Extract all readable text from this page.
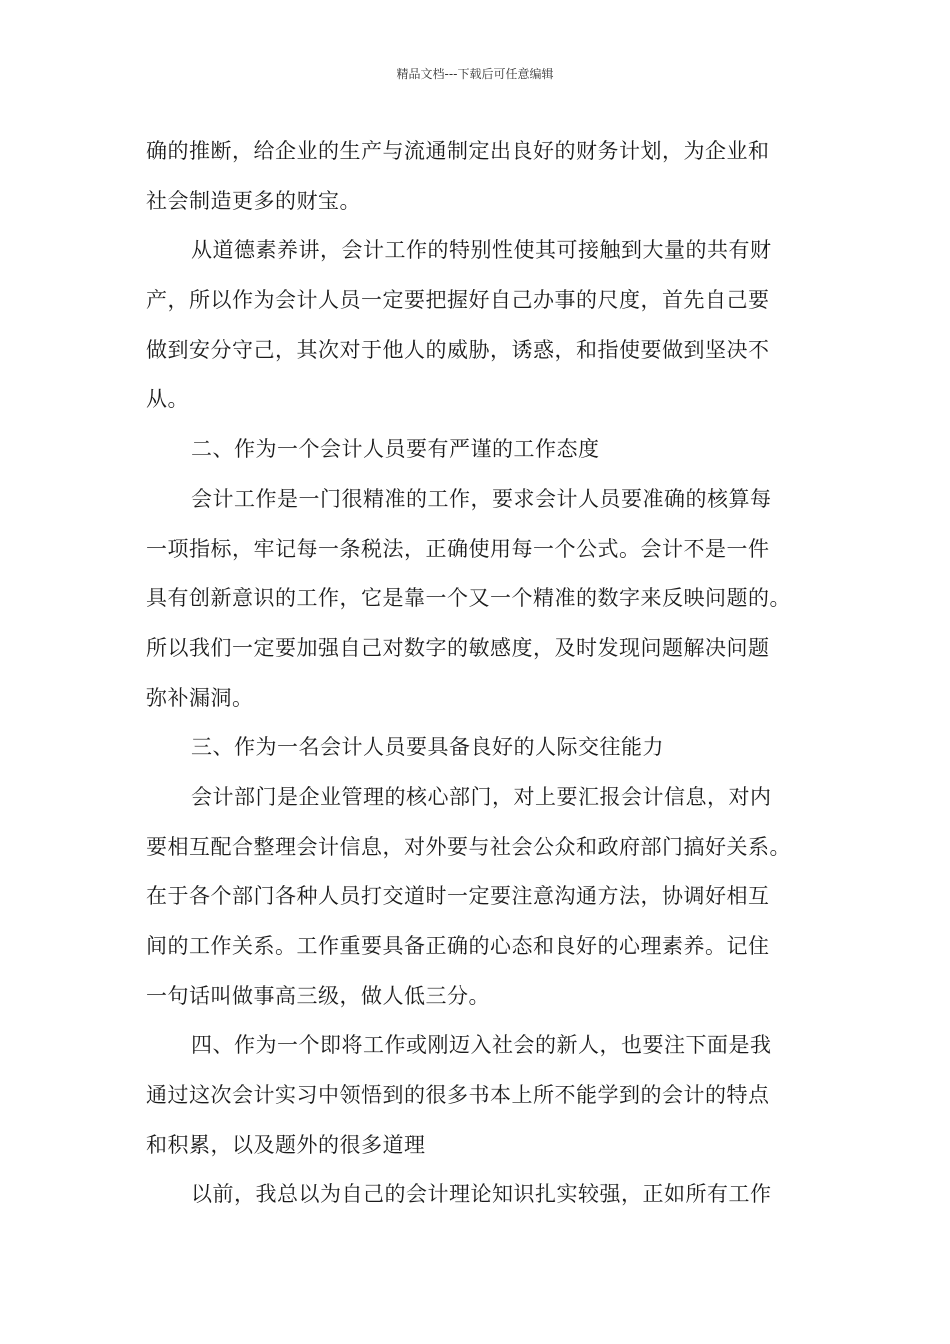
精品文档---下载后可任意编辑
确的推断，给企业的生产与流通制定出良好的财务计划，为企业和
社会制造更多的财宝。
从道德素养讲，会计工作的特别性使其可接触到大量的共有财
产，所以作为会计人员一定要把握好自己办事的尺度，首先自己要
做到安分守己，其次对于他人的威胁，诱惑，和指使要做到坚决不
从。
二、作为一个会计人员要有严谨的工作态度
会计工作是一门很精准的工作，要求会计人员要准确的核算每
一项指标，牢记每一条税法，正确使用每一个公式。会计不是一件
具有创新意识的工作，它是靠一个又一个精准的数字来反映问题的。
所以我们一定要加强自己对数字的敏感度，及时发现问题解决问题
弥补漏洞。
三、作为一名会计人员要具备良好的人际交往能力
会计部门是企业管理的核心部门，对上要汇报会计信息，对内
要相互配合整理会计信息，对外要与社会公众和政府部门搞好关系。
在于各个部门各种人员打交道时一定要注意沟通方法，协调好相互
间的工作关系。工作重要具备正确的心态和良好的心理素养。记住
一句话叫做事高三级，做人低三分。
四、作为一个即将工作或刚迈入社会的新人，也要注下面是我
通过这次会计实习中领悟到的很多书本上所不能学到的会计的特点
和积累，以及题外的很多道理
以前，我总以为自己的会计理论知识扎实较强，正如所有工作
